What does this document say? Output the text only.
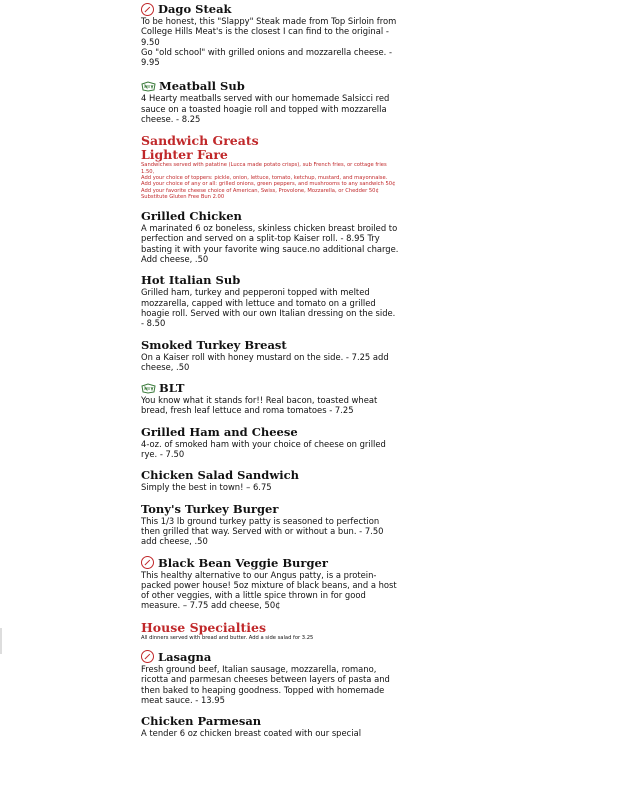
Dago Steak

To be honest, this "Slappy" Steak made from Top Sirloin from College Hills Meat's is the closest I can find to the original - 9.50
Go "old school" with grilled onions and mozzarella cheese. - 9.95

Meatball Sub

4 Hearty meatballs served with our homemade Salsicci red sauce on a toasted hoagie roll and topped with mozzarella cheese. - 8.25

Sandwich Greats

Lighter Fare

Sandwiches served with patatine (Lucca made potato crisps), sub French fries, or cottage fries 1.50,

Add your choice of toppers: pickle, onion, lettuce, tomato, ketchup, mustard, and mayonnaise.

Add your choice of any or all: grilled onions, green peppers, and mushrooms to any sandwich 50¢

Add your favorite cheese choice of American, Swiss, Provolone, Mozzarella, or Chedder 50¢

Substitute Gluten Free Bun 2.00

Grilled Chicken

A marinated 6 oz boneless, skinless chicken breast broiled to perfection and served on a split-top Kaiser roll. - 8.95 Try basting it with your favorite wing sauce.no additional charge. Add cheese, .50

Hot Italian Sub

Grilled ham, turkey and pepperoni topped with melted mozzarella, capped with lettuce and tomato on a grilled hoagie roll. Served with our own Italian dressing on the side. - 8.50

Smoked Turkey Breast

On a Kaiser roll with honey mustard on the side. - 7.25 add cheese, .50

BLT

You know what it stands for!! Real bacon, toasted wheat bread, fresh leaf lettuce and roma tomatoes - 7.25

Grilled Ham and Cheese

4-oz. of smoked ham with your choice of cheese on grilled rye. - 7.50

Chicken Salad Sandwich

Simply the best in town! – 6.75

Tony's Turkey Burger

This 1/3 lb ground turkey patty is seasoned to perfection then grilled that way. Served with or without a bun. - 7.50 add cheese, .50

Black Bean Veggie Burger

This healthy alternative to our Angus patty, is a protein-packed power house! 5oz mixture of black beans, and a host of other veggies, with a little spice thrown in for good measure. – 7.75 add cheese, 50¢

House Specialties

All dinners served with bread and butter. Add a side salad for 3.25

Lasagna

Fresh ground beef, Italian sausage, mozzarella, romano, ricotta and parmesan cheeses between layers of pasta and then baked to heaping goodness. Topped with homemade meat sauce. - 13.95

Chicken Parmesan

A tender 6 oz chicken breast coated with our special
